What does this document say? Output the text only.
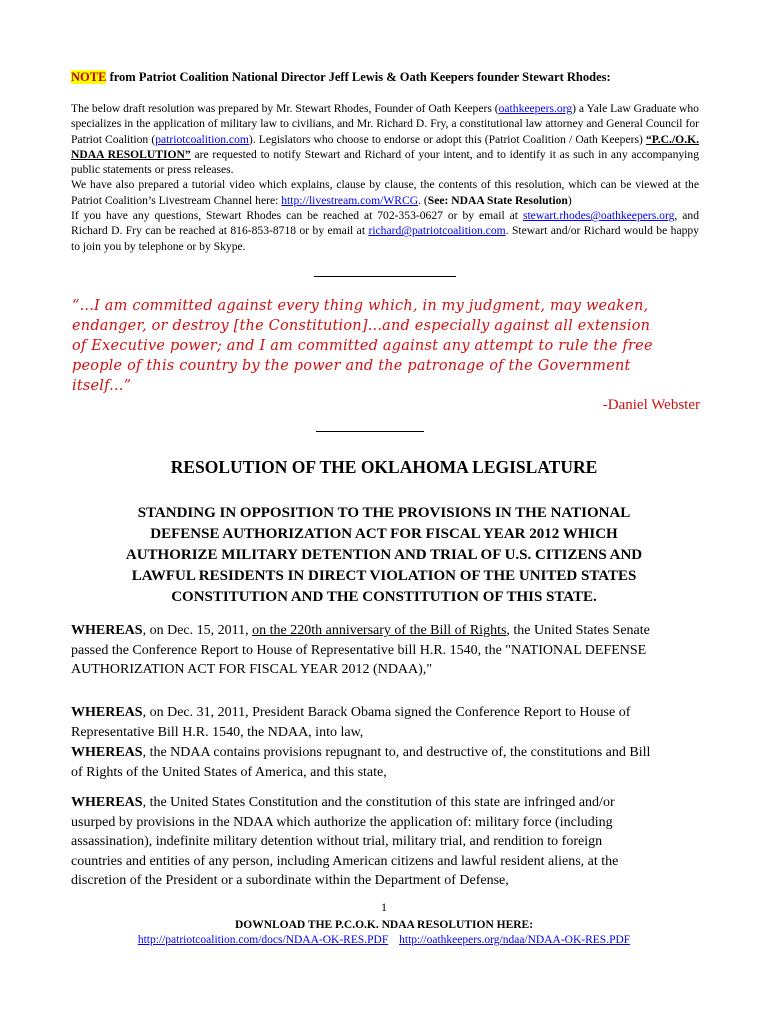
NOTE from Patriot Coalition National Director Jeff Lewis & Oath Keepers founder Stewart Rhodes:

The below draft resolution was prepared by Mr. Stewart Rhodes, Founder of Oath Keepers (oathkeepers.org) a Yale Law Graduate who specializes in the application of military law to civilians, and Mr. Richard D. Fry, a constitutional law attorney and General Council for Patriot Coalition (patriotcoalition.com). Legislators who choose to endorse or adopt this (Patriot Coalition / Oath Keepers) “P.C./O.K. NDAA RESOLUTION” are requested to notify Stewart and Richard of your intent, and to identify it as such in any accompanying public statements or press releases.

We have also prepared a tutorial video which explains, clause by clause, the contents of this resolution, which can be viewed at the Patriot Coalition’s Livestream Channel here: http://livestream.com/WRCG. (See: NDAA State Resolution)

If you have any questions, Stewart Rhodes can be reached at 702-353-0627 or by email at stewart.rhodes@oathkeepers.org, and Richard D. Fry can be reached at 816-853-8718 or by email at richard@patriotcoalition.com. Stewart and/or Richard would be happy to join you by telephone or by Skype.

“...I am committed against every thing which, in my judgment, may weaken,
endanger, or destroy [the Constitution]...and especially against all extension
of Executive power; and I am committed against any attempt to rule the free
people of this country by the power and the patronage of the Government
itself...”
-Daniel Webster
RESOLUTION OF THE OKLAHOMA LEGISLATURE
STANDING IN OPPOSITION TO THE PROVISIONS IN THE NATIONAL
DEFENSE AUTHORIZATION ACT FOR FISCAL YEAR 2012 WHICH
AUTHORIZE MILITARY DETENTION AND TRIAL OF U.S. CITIZENS AND
LAWFUL RESIDENTS IN DIRECT VIOLATION OF THE UNITED STATES
CONSTITUTION AND THE CONSTITUTION OF THIS STATE.
WHEREAS, on Dec. 15, 2011, on the 220th anniversary of the Bill of Rights, the United States Senate
passed the Conference Report to House of Representative bill H.R. 1540, the "NATIONAL DEFENSE
AUTHORIZATION ACT FOR FISCAL YEAR 2012 (NDAA),"
WHEREAS, on Dec. 31, 2011, President Barack Obama signed the Conference Report to House of
Representative Bill H.R. 1540, the NDAA, into law,
WHEREAS, the NDAA contains provisions repugnant to, and destructive of, the constitutions and Bill
of Rights of the United States of America, and this state,
WHEREAS, the United States Constitution and the constitution of this state are infringed and/or
usurped by provisions in the NDAA which authorize the application of: military force (including
assassination), indefinite military detention without trial, military trial, and rendition to foreign
countries and entities of any person, including American citizens and lawful resident aliens, at the
discretion of the President or a subordinate within the Department of Defense,
1
DOWNLOAD THE P.C.O.K. NDAA RESOLUTION HERE:
http://patriotcoalition.com/docs/NDAA-OK-RES.PDF http://oathkeepers.org/ndaa/NDAA-OK-RES.PDF
